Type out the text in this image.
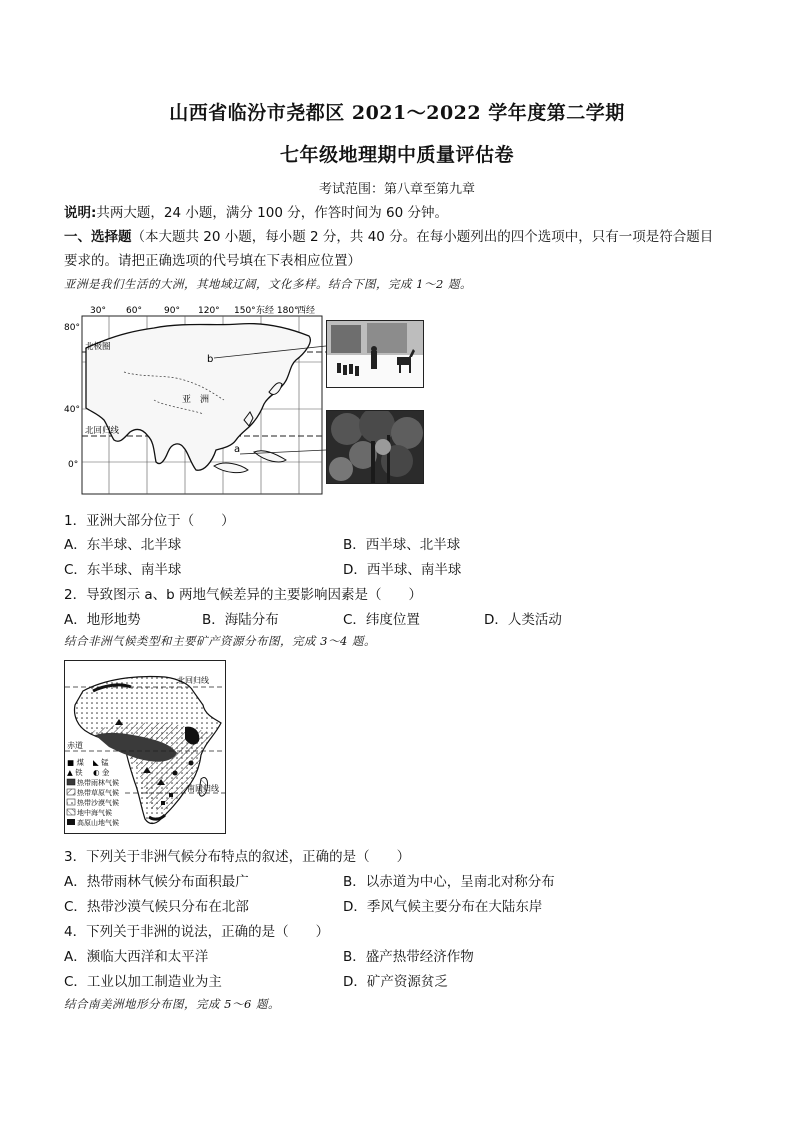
山西省临汾市尧都区 2021～2022 学年度第二学期
七年级地理期中质量评估卷
考试范围：第八章至第九章
说明:共两大题，24 小题，满分 100 分，作答时间为 60 分钟。
一、选择题（本大题共 20 小题，每小题 2 分，共 40 分。在每小题列出的四个选项中，只有一项是符合题目
要求的。请把正确选项的代号填在下表相应位置）
亚洲是我们生活的大洲，其地域辽阔，文化多样。结合下图，完成 1～2 题。
30° 60° 90° 120° 150° 东经 180°
西经
80°
40°
0°
北极圈
北回归线
亚　洲
b
a
1．亚洲大部分位于（　　）
A．东半球、北半球	B．西半球、北半球
C．东半球、南半球	D．西半球、南半球
2．导致图示 a、b 两地气候差异的主要影响因素是（　　）
A．地形地势	B．海陆分布	C．纬度位置	D．人类活动
结合非洲气候类型和主要矿产资源分布图，完成 3～4 题。
北回归线
赤道
南回归线
■ 煤 ◣ 锰
▲ 铁 ◐ 金
热带雨林气候
热带草原气候
热带沙漠气候
地中海气候
高原山地气候
3．下列关于非洲气候分布特点的叙述，正确的是（　　）
A．热带雨林气候分布面积最广	B．以赤道为中心，呈南北对称分布
C．热带沙漠气候只分布在北部	D．季风气候主要分布在大陆东岸
4．下列关于非洲的说法，正确的是（　　）
A．濒临大西洋和太平洋	B．盛产热带经济作物
C．工业以加工制造业为主	D．矿产资源贫乏
结合南美洲地形分布图，完成 5～6 题。
